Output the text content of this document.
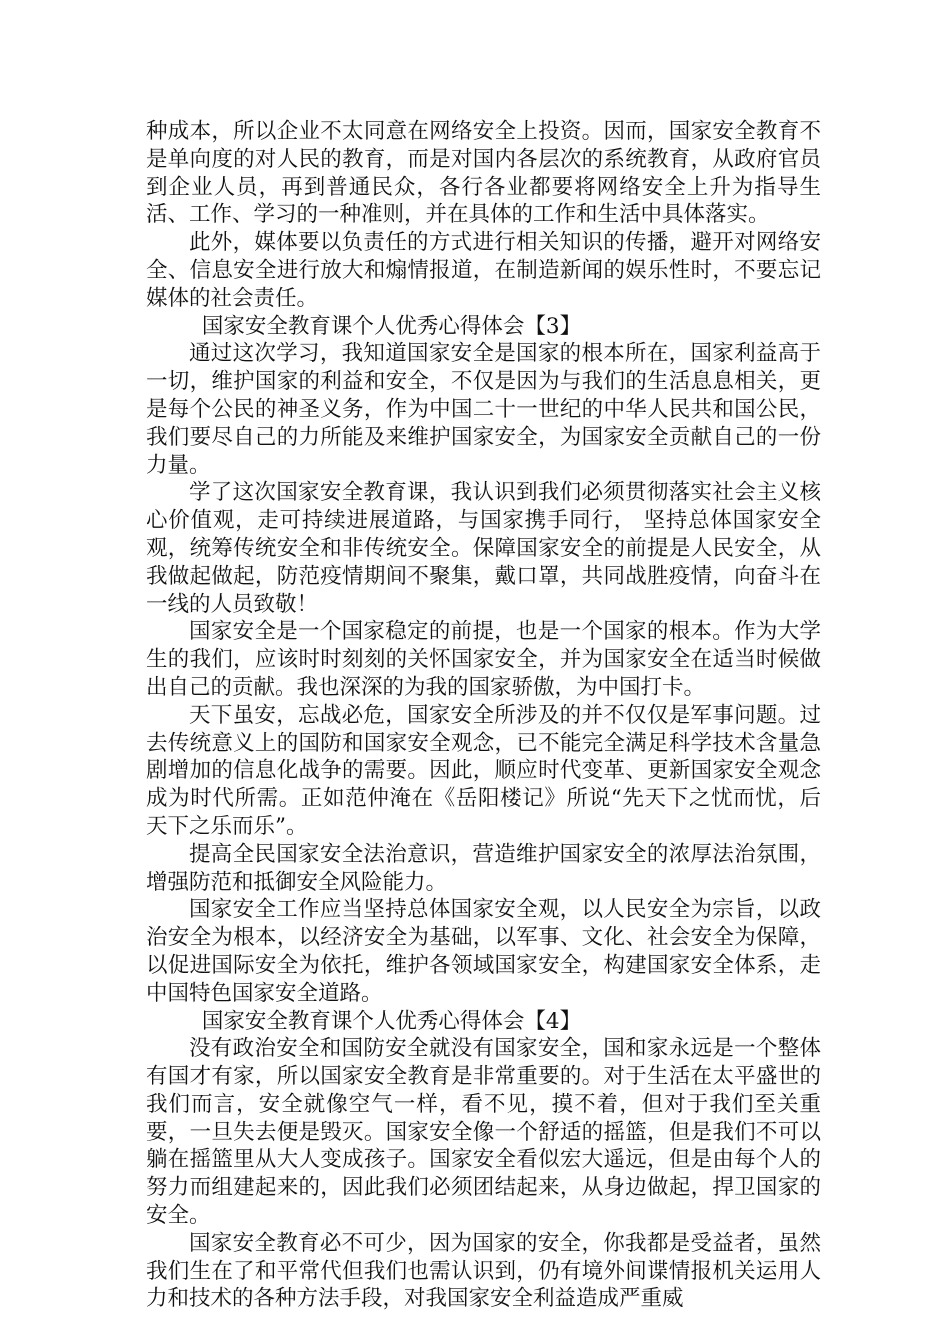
种成本，所以企业不太同意在网络安全上投资。因而，国家安全教育不是单向度的对人民的教育，而是对国内各层次的系统教育，从政府官员到企业人员，再到普通民众，各行各业都要将网络安全上升为指导生活、工作、学习的一种准则，并在具体的工作和生活中具体落实。

此外，媒体要以负责任的方式进行相关知识的传播，避开对网络安全、信息安全进行放大和煽情报道，在制造新闻的娱乐性时，不要忘记媒体的社会责任。

国家安全教育课个人优秀心得体会【3】

通过这次学习，我知道国家安全是国家的根本所在，国家利益高于一切，维护国家的利益和安全，不仅是因为与我们的生活息息相关，更是每个公民的神圣义务，作为中国二十一世纪的中华人民共和国公民，我们要尽自己的力所能及来维护国家安全，为国家安全贡献自己的一份力量。

学了这次国家安全教育课，我认识到我们必须贯彻落实社会主义核心价值观，走可持续进展道路，与国家携手同行， 坚持总体国家安全观，统筹传统安全和非传统安全。保障国家安全的前提是人民安全，从我做起做起，防范疫情期间不聚集，戴口罩，共同战胜疫情，向奋斗在一线的人员致敬！

国家安全是一个国家稳定的前提，也是一个国家的根本。作为大学生的我们，应该时时刻刻的关怀国家安全，并为国家安全在适当时候做出自己的贡献。我也深深的为我的国家骄傲，为中国打卡。

天下虽安，忘战必危，国家安全所涉及的并不仅仅是军事问题。过去传统意义上的国防和国家安全观念，已不能完全满足科学技术含量急剧增加的信息化战争的需要。因此，顺应时代变革、更新国家安全观念成为时代所需。正如范仲淹在《岳阳楼记》所说“先天下之忧而忧，后天下之乐而乐”。

提高全民国家安全法治意识，营造维护国家安全的浓厚法治氛围，增强防范和抵御安全风险能力。

国家安全工作应当坚持总体国家安全观，以人民安全为宗旨，以政治安全为根本，以经济安全为基础，以军事、文化、社会安全为保障，以促进国际安全为依托，维护各领域国家安全，构建国家安全体系，走中国特色国家安全道路。

国家安全教育课个人优秀心得体会【4】

没有政治安全和国防安全就没有国家安全，国和家永远是一个整体有国才有家，所以国家安全教育是非常重要的。对于生活在太平盛世的我们而言，安全就像空气一样，看不见，摸不着，但对于我们至关重要，一旦失去便是毁灭。国家安全像一个舒适的摇篮，但是我们不可以躺在摇篮里从大人变成孩子。国家安全看似宏大遥远，但是由每个人的努力而组建起来的，因此我们必须团结起来，从身边做起，捍卫国家的安全。

国家安全教育必不可少，因为国家的安全，你我都是受益者，虽然我们生在了和平常代但我们也需认识到，仍有境外间谍情报机关运用人力和技术的各种方法手段，对我国家安全利益造成严重威
